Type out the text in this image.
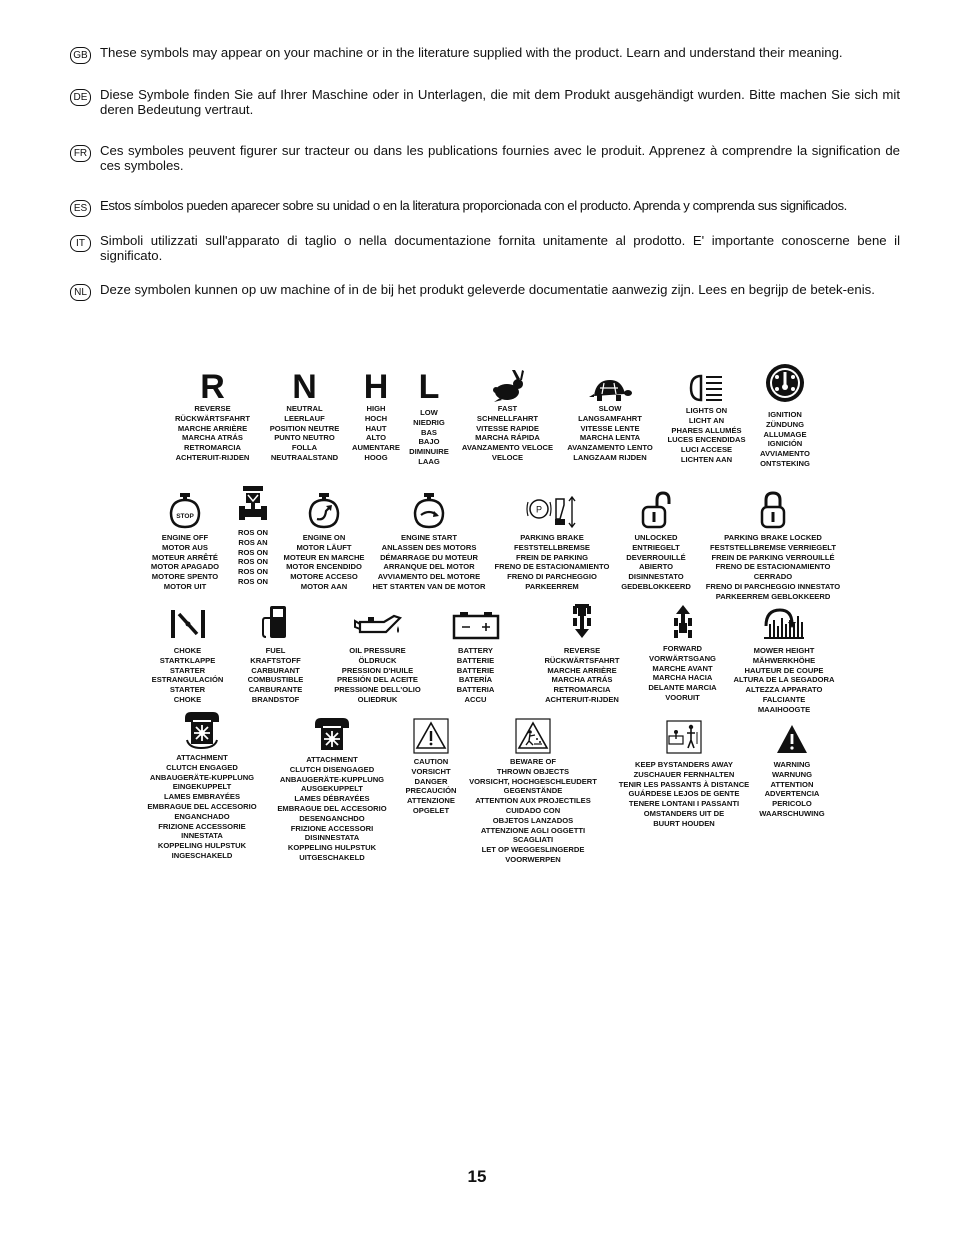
GB These symbols may appear on your machine or in the literature supplied with the product. Learn and understand their meaning.
DE Diese Symbole finden Sie auf Ihrer Maschine oder in Unterlagen, die mit dem Produkt ausgehändigt wurden. Bitte machen Sie sich mit deren Bedeutung vertraut.
FR Ces symboles peuvent figurer sur tracteur ou dans les publications fournies avec le produit. Apprenez à comprendre la signification de ces symboles.
ES Estos símbolos pueden aparecer sobre su unidad o en la literatura proporcionada con el producto. Aprenda y comprenda sus significados.
IT	Simboli utilizzati sull'apparato di taglio o nella documentazione fornita unitamente al prodotto. E' importante conoscerne bene il significato.
NL Deze symbolen kunnen op uw machine of in de bij het produkt geleverde documentatie aanwezig zijn. Lees en begrijp de betek-enis.
R
REVERSE
RÜCKWÄRTSFAHRT
MARCHE ARRIÈRE
MARCHA ATRÁS
RETROMARCIA
ACHTERUIT-RIJDEN
N
NEUTRAL
LEERLAUF
POSITION NEUTRE
PUNTO NEUTRO
FOLLA
NEUTRAALSTAND
H
HIGH
HOCH
HAUT
ALTO
AUMENTARE
HOOG
L
LOW
NIEDRIG
BAS
BAJO
DIMINUIRE
LAAG
FAST
SCHNELLFAHRT
VITESSE RAPIDE
MARCHA RÁPIDA
AVANZAMENTO VELOCE
VELOCE
SLOW
LANGSAMFAHRT
VITESSE LENTE
MARCHA LENTA
AVANZAMENTO LENTO
LANGZAAM RIJDEN
LIGHTS ON
LICHT AN
PHARES ALLUMÉS
LUCES ENCENDIDAS
LUCI ACCESE
LICHTEN AAN
IGNITION
ZÜNDUNG
ALLUMAGE
IGNICIÓN
AVVIAMENTO
ONTSTEKING
STOP
ENGINE OFF
MOTOR AUS
MOTEUR ARRÊTÉ
MOTOR APAGADO
MOTORE SPENTO
MOTOR UIT
ROS ON
ROS AN
ROS ON
ROS ON
ROS ON
ROS ON
ENGINE ON
MOTOR LÄUFT
MOTEUR EN MARCHE
MOTOR ENCENDIDO
MOTORE ACCESO
MOTOR AAN
ENGINE START
ANLASSEN DES MOTORS
DÉMARRAGE DU MOTEUR
ARRANQUE DEL MOTOR
AVVIAMENTO DEL MOTORE
HET STARTEN VAN DE MOTOR
P
PARKING BRAKE
FESTSTELLBREMSE
FREIN DE PARKING
FRENO DE ESTACIONAMIENTO
FRENO DI PARCHEGGIO
PARKEERREM
UNLOCKED
ENTRIEGELT
DEVERROUILLÉ
ABIERTO
DISINNESTATO
GEDEBLOKKEERD
PARKING BRAKE LOCKED
FESTSTELLBREMSE VERRIEGELT
FREIN DE PARKING VERROUILLÉ
FRENO DE ESTACIONAMIENTO
CERRADO
FRENO DI PARCHEGGIO INNESTATO
PARKEERREM GEBLOKKEERD
CHOKE
STARTKLAPPE
STARTER
ESTRANGULACIÓN
STARTER
CHOKE
FUEL
KRAFTSTOFF
CARBURANT
COMBUSTIBLE
CARBURANTE
BRANDSTOF
OIL PRESSURE
ÖLDRUCK
PRESSION D'HUILE
PRESIÓN DEL ACEITE
PRESSIONE DELL'OLIO
OLIEDRUK
BATTERY
BATTERIE
BATTERIE
BATERÍA
BATTERIA
ACCU
REVERSE
RÜCKWÄRTSFAHRT
MARCHE ARRIÈRE
MARCHA ATRÁS
RETROMARCIA
ACHTERUIT-RIJDEN
FORWARD
VORWÄRTSGANG
MARCHE AVANT
MARCHA HACIA
DELANTE MARCIA
VOORUIT
MOWER HEIGHT
MÄHWERKHÖHE
HAUTEUR DE COUPE
ALTURA DE LA SEGADORA
ALTEZZA APPARATO
FALCIANTE
MAAIHOOGTE
ATTACHMENT
CLUTCH ENGAGED
ANBAUGERÄTE-KUPPLUNG
EINGEKUPPELT
LAMES EMBRAYÉES
EMBRAGUE DEL ACCESORIO
ENGANCHADO
FRIZIONE ACCESSORIE
INNESTATA
KOPPELING HULPSTUK
INGESCHAKELD
ATTACHMENT
CLUTCH DISENGAGED
ANBAUGERÄTE-KUPPLUNG
AUSGEKUPPELT
LAMES DÉBRAYÉES
EMBRAGUE DEL ACCESORIO
DESENGANCHDO
FRIZIONE ACCESSORI
DISINNESTATA
KOPPELING HULPSTUK
UITGESCHAKELD
CAUTION
VORSICHT
DANGER
PRECAUCIÓN
ATTENZIONE
OPGELET
BEWARE OF
THROWN OBJECTS
VORSICHT, HOCHGESCHLEUDERT
GEGENSTÄNDE
ATTENTION AUX PROJECTILES
CUIDADO CON
OBJETOS LANZADOS
ATTENZIONE AGLI OGGETTI
SCAGLIATI
LET OP WEGGESLINGERDE
VOORWERPEN
KEEP BYSTANDERS AWAY
ZUSCHAUER FERNHALTEN
TENIR LES PASSANTS À DISTANCE
GUÁRDESE LEJOS DE GENTE
TENERE LONTANI I PASSANTI
OMSTANDERS UIT DE
BUURT HOUDEN
WARNING
WARNUNG
ATTENTION
ADVERTENCIA
PERICOLO
WAARSCHUWING
15
